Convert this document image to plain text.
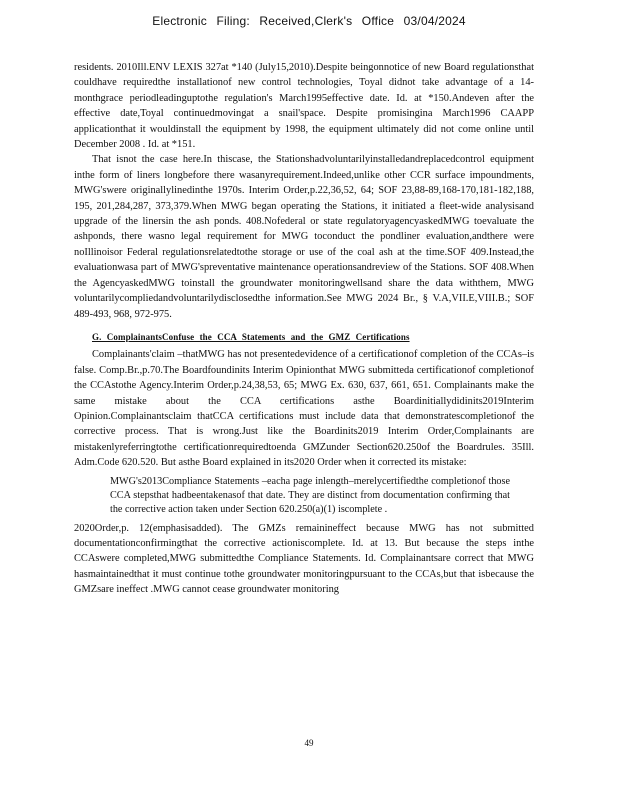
Electronic Filing: Received,Clerk's Office 03/04/2024

residents. 2010Ill.ENV LEXIS 327at *140 (July15,2010).Despite beingonnotice of new Board regulationsthat couldhave requiredthe installationof new control technologies, Toyal didnot take advantage of a 14-monthgrace periodleadinguptothe regulation's March1995effective date. Id. at *150.Andeven after the effective date,Toyal continuedmovingat a snail'space. Despite promisingina March1996 CAAPP applicationthat it wouldinstall the equipment by 1998, the equipment ultimately did not come online until December 2008 . Id. at *151.

That isnot the case here.In thiscase, the Stationshadvoluntarilyinstalledandreplacedcontrol equipment inthe form of liners longbefore there wasanyrequirement.Indeed,unlike other CCR surface impoundments, MWG'swere originallylinedinthe 1970s. Interim Order,p.22,36,52, 64; SOF 23,88-89,168-170,181-182,188, 195, 201,284,287, 373,379.When MWG began operating the Stations, it initiated a fleet-wide analysisand upgrade of the linersin the ash ponds. 408.Nofederal or state regulatoryagencyaskedMWG toevaluate the ashponds, there wasno legal requirement for MWG toconduct the pondliner evaluation,andthere were noIllinoisor Federal regulationsrelatedtothe storage or use of the coal ash at the time.SOF 409.Instead,the evaluationwasa part of MWG'spreventative maintenance operationsandreview of the Stations. SOF 408.When the AgencyaskedMWG toinstall the groundwater monitoringwellsand share the data withthem, MWG voluntarilycompliedandvoluntarilydisclosedthe information.See MWG 2024 Br., § V.A,VII.E,VIII.B.; SOF 489-493, 968, 972-975.

G. ComplainantsConfuse the CCA Statements and the GMZ Certifications

Complainants'claim –thatMWG has not presentedevidence of a certificationof completion of the CCAs–is false. Comp.Br.,p.70.The Boardfoundinits Interim Opinionthat MWG submitteda certificationof completionof the CCAstothe Agency.Interim Order,p.24,38,53, 65; MWG Ex. 630, 637, 661, 651. Complainants make the same mistake about the CCA certifications asthe Boardinitiallydidinits2019Interim Opinion.Complainantsclaim thatCCA certifications must include data that demonstratescompletionof the corrective process. That is wrong.Just like the Boardinits2019 Interim Order,Complainants are mistakenlyreferringtothe certificationrequiredtoenda GMZunder Section620.250of the Boardrules. 35Ill. Adm.Code 620.520. But asthe Board explained in its2020 Order when it corrected its mistake:

MWG's2013Compliance Statements –eacha page inlength–merelycertifiedthe completionof those CCA stepsthat hadbeentakenasof that date. They are distinct from documentation confirming that the corrective action taken under Section 620.250(a)(1) iscomplete .

2020Order,p. 12(emphasisadded). The GMZs remainineffect because MWG has not submitted documentationconfirmingthat the corrective actioniscomplete. Id. at 13. But because the steps inthe CCAswere completed,MWG submittedthe Compliance Statements. Id. Complainantsare correct that MWG hasmaintainedthat it must continue tothe groundwater monitoringpursuant to the CCAs,but that isbecause the GMZsare ineffect .MWG cannot cease groundwater monitoring

49
